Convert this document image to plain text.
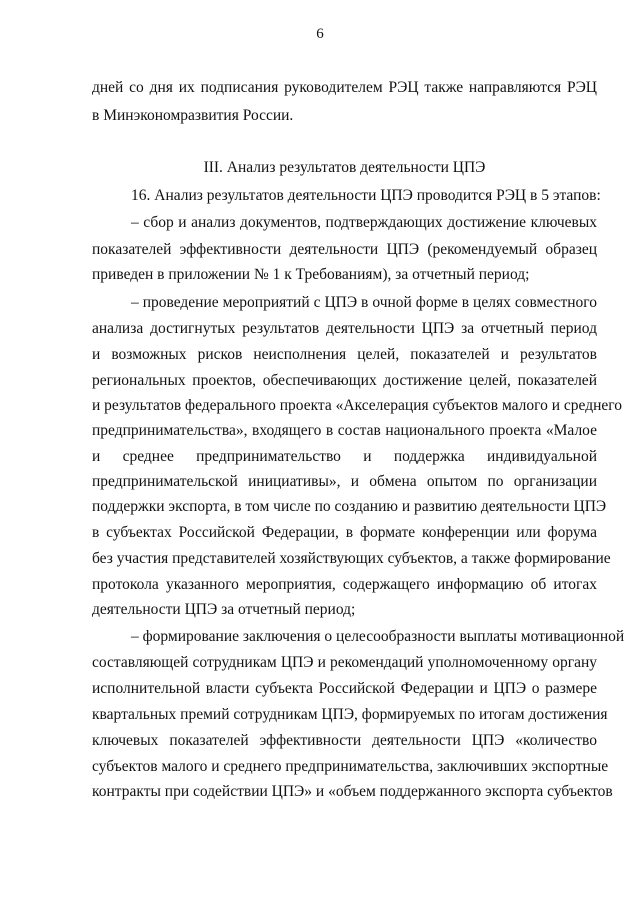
6
дней со дня их подписания руководителем РЭЦ также направляются РЭЦ
в Минэкономразвития России.
III. Анализ результатов деятельности ЦПЭ
16. Анализ результатов деятельности ЦПЭ проводится РЭЦ в 5 этапов:
– сбор и анализ документов, подтверждающих достижение ключевых
показателей эффективности деятельности ЦПЭ (рекомендуемый образец
приведен в приложении № 1 к Требованиям), за отчетный период;
– проведение мероприятий с ЦПЭ в очной форме в целях совместного
анализа достигнутых результатов деятельности ЦПЭ за отчетный период
и возможных рисков неисполнения целей, показателей и результатов
региональных проектов, обеспечивающих достижение целей, показателей
и результатов федерального проекта «Акселерация субъектов малого и среднего
предпринимательства», входящего в состав национального проекта «Малое
и среднее предпринимательство и поддержка индивидуальной
предпринимательской инициативы», и обмена опытом по организации
поддержки экспорта, в том числе по созданию и развитию деятельности ЦПЭ
в субъектах Российской Федерации, в формате конференции или форума
без участия представителей хозяйствующих субъектов, а также формирование
протокола указанного мероприятия, содержащего информацию об итогах
деятельности ЦПЭ за отчетный период;
– формирование заключения о целесообразности выплаты мотивационной
составляющей сотрудникам ЦПЭ и рекомендаций уполномоченному органу
исполнительной власти субъекта Российской Федерации и ЦПЭ о размере
квартальных премий сотрудникам ЦПЭ, формируемых по итогам достижения
ключевых показателей эффективности деятельности ЦПЭ «количество
субъектов малого и среднего предпринимательства, заключивших экспортные
контракты при содействии ЦПЭ» и «объем поддержанного экспорта субъектов
